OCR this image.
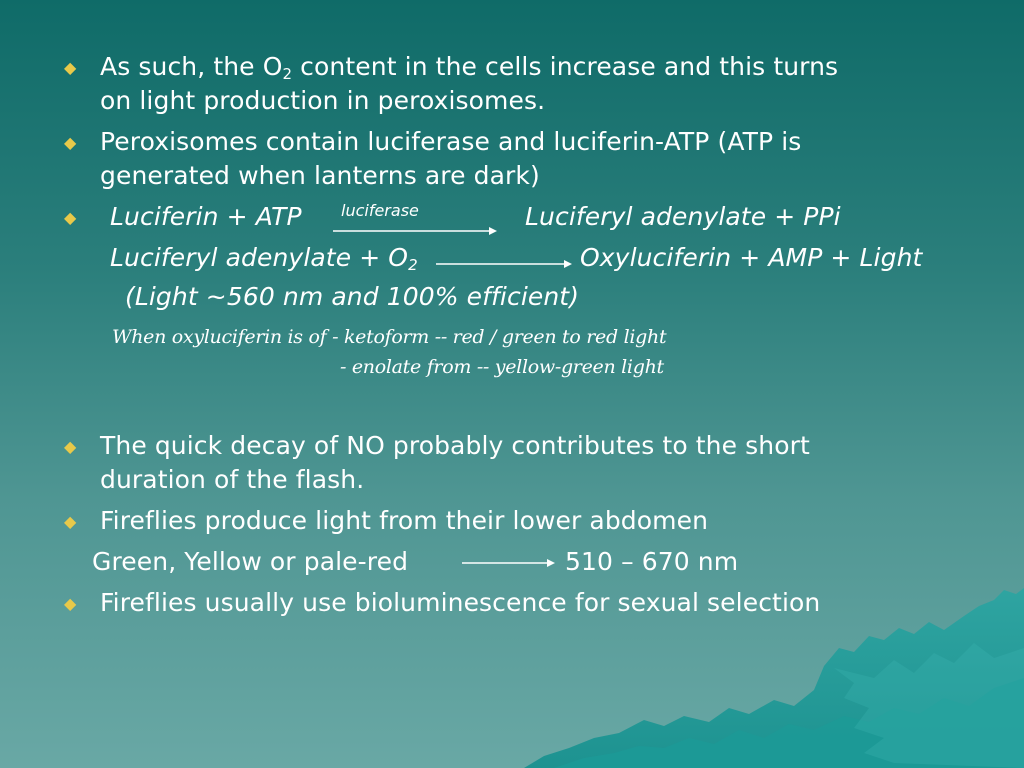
◆ As such, the $O_2$ content in the cells increase and this turns
on light production in peroxisomes.
◆ Peroxisomes contain luciferase and luciferin-ATP (ATP is
generated when lanterns are dark)
◆ Luciferin + ATP	Luciferyl adenylate + PPi
luciferase
Luciferyl adenylate + $O_2$	Oxyluciferin + AMP + Light
(Light ~560 nm and 100% efficient)
When oxyluciferin is of - ketoform -- red / green to red light
- enolate from -- yellow-green light
◆ The quick decay of NO probably contributes to the short
duration of the flash.
◆ Fireflies produce light from their lower abdomen
Green, Yellow or pale-red	510 – 670 nm
◆ Fireflies usually use bioluminescence for sexual selection
